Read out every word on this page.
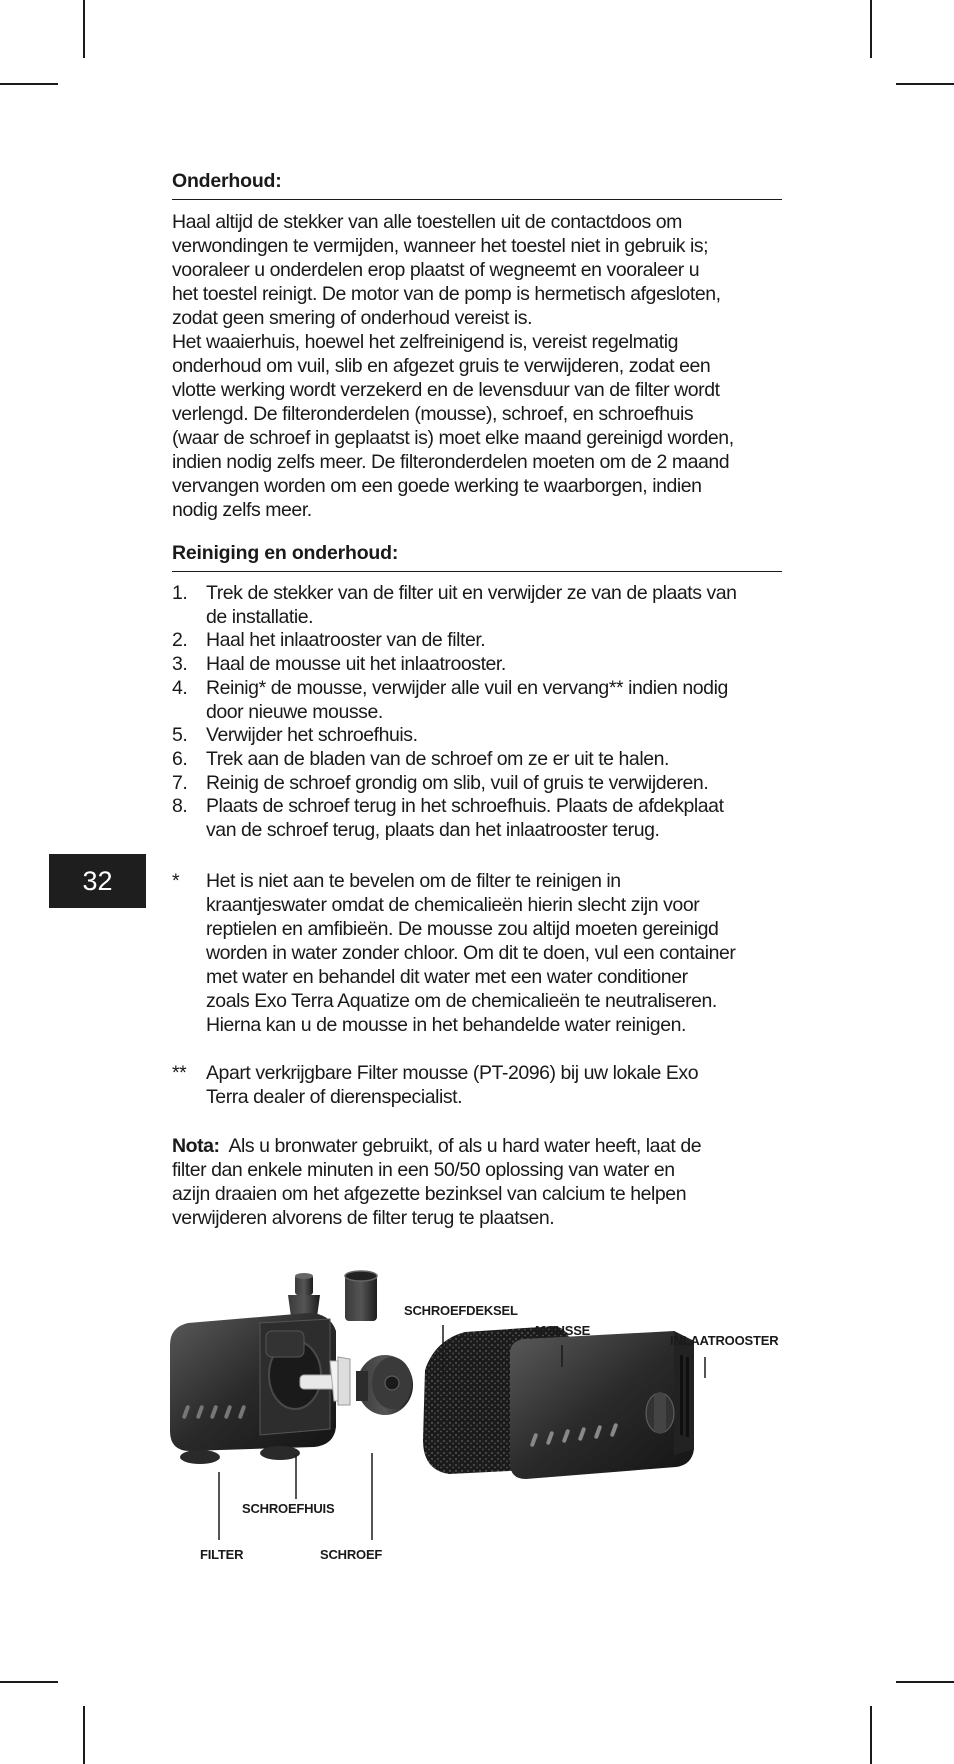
32
Onderhoud:

Haal altijd de stekker van alle toestellen uit de contactdoos om
verwondingen te vermijden, wanneer het toestel niet in gebruik is;
vooraleer u onderdelen erop plaatst of wegneemt en vooraleer u
het toestel reinigt. De motor van de pomp is hermetisch afgesloten,
zodat geen smering of onderhoud vereist is.

Het waaierhuis, hoewel het zelfreinigend is, vereist regelmatig
onderhoud om vuil, slib en afgezet gruis te verwijderen, zodat een
vlotte werking wordt verzekerd en de levensduur van de filter wordt
verlengd. De filteronderdelen (mousse), schroef, en schroefhuis
(waar de schroef in geplaatst is) moet elke maand gereinigd worden,
indien nodig zelfs meer. De filteronderdelen moeten om de 2 maand
vervangen worden om een goede werking te waarborgen, indien
nodig zelfs meer.

Reiniging en onderhoud:
1. Trek de stekker van de filter uit en verwijder ze van de plaats van
de installatie.
2. Haal het inlaatrooster van de filter.
3. Haal de mousse uit het inlaatrooster.
4. Reinig* de mousse, verwijder alle vuil en vervang** indien nodig
door nieuwe mousse.
5. Verwijder het schroefhuis.
6. Trek aan de bladen van de schroef om ze er uit te halen.
7. Reinig de schroef grondig om slib, vuil of gruis te verwijderen.
8. Plaats de schroef terug in het schroefhuis. Plaats de afdekplaat
van de schroef terug, plaats dan het inlaatrooster terug.
*	Het is niet aan te bevelen om de filter te reinigen in
kraantjeswater omdat de chemicalieën hierin slecht zijn voor
reptielen en amfibieën. De mousse zou altijd moeten gereinigd
worden in water zonder chloor. Om dit te doen, vul een container
met water en behandel dit water met een water conditioner
zoals Exo Terra Aquatize om de chemicalieën te neutraliseren.
Hierna kan u de mousse in het behandelde water reinigen.
**	Apart verkrijgbare Filter mousse (PT-2096) bij uw lokale Exo
Terra dealer of dierenspecialist.
Nota: Als u bronwater gebruikt, of als u hard water heeft, laat de
filter dan enkele minuten in een 50/50 oplossing van water en
azijn draaien om het afgezette bezinksel van calcium te helpen
verwijderen alvorens de filter terug te plaatsen.
SCHROEFDEKSEL
MOUSSE
INLAATROOSTER
SCHROEFHUIS
FILTER	SCHROEF
